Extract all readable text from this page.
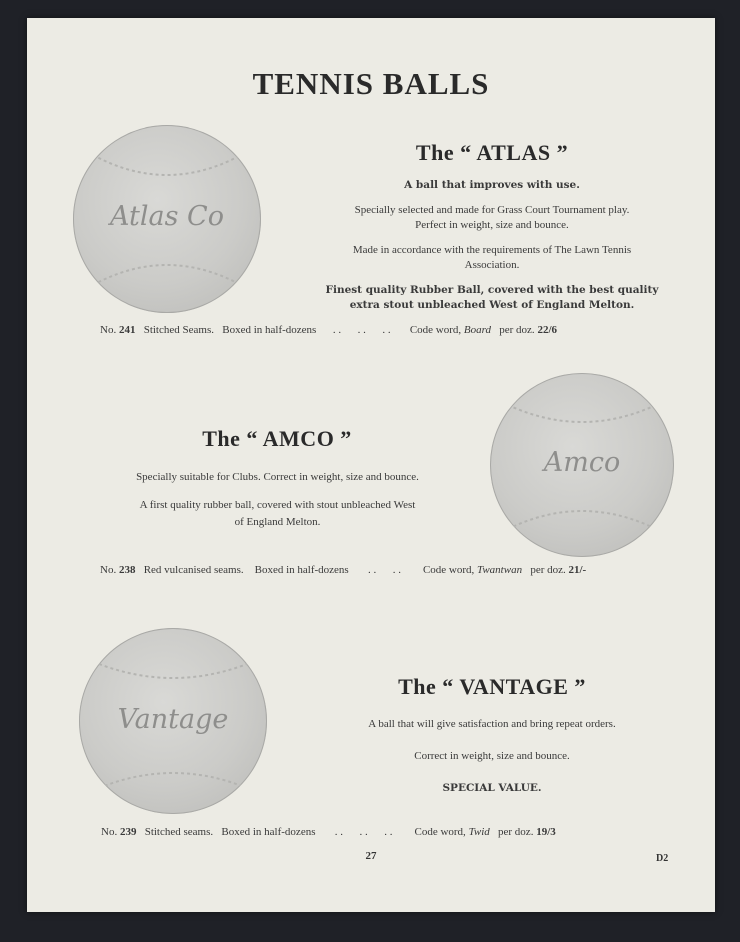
TENNIS BALLS
Atlas Co
The “ ATLAS ”
A ball that improves with use.
Specially selected and made for Grass Court Tournament play.
Perfect in weight, size and bounce.
Made in accordance with the requirements of The Lawn Tennis
Association.
Finest quality Rubber Ball, covered with the best quality
extra stout unbleached West of England Melton.
No. 241 Stitched Seams. Boxed in half-dozens . .      . .      . . Code word, Board per doz. 22/6
The “ AMCO ”
Specially suitable for Clubs. Correct in weight, size and bounce.
A first quality rubber ball, covered with stout unbleached West
of England Melton.
Amco
No. 238 Red vulcanised seams. Boxed in half-dozens . .      . . Code word, Twantwan per doz. 21/-
Vantage
The “ VANTAGE ”
A ball that will give satisfaction and bring repeat orders.
Correct in weight, size and bounce.
SPECIAL VALUE.
No. 239 Stitched seams. Boxed in half-dozens . .      . .      . . Code word, Twid per doz. 19/3
27	D2
